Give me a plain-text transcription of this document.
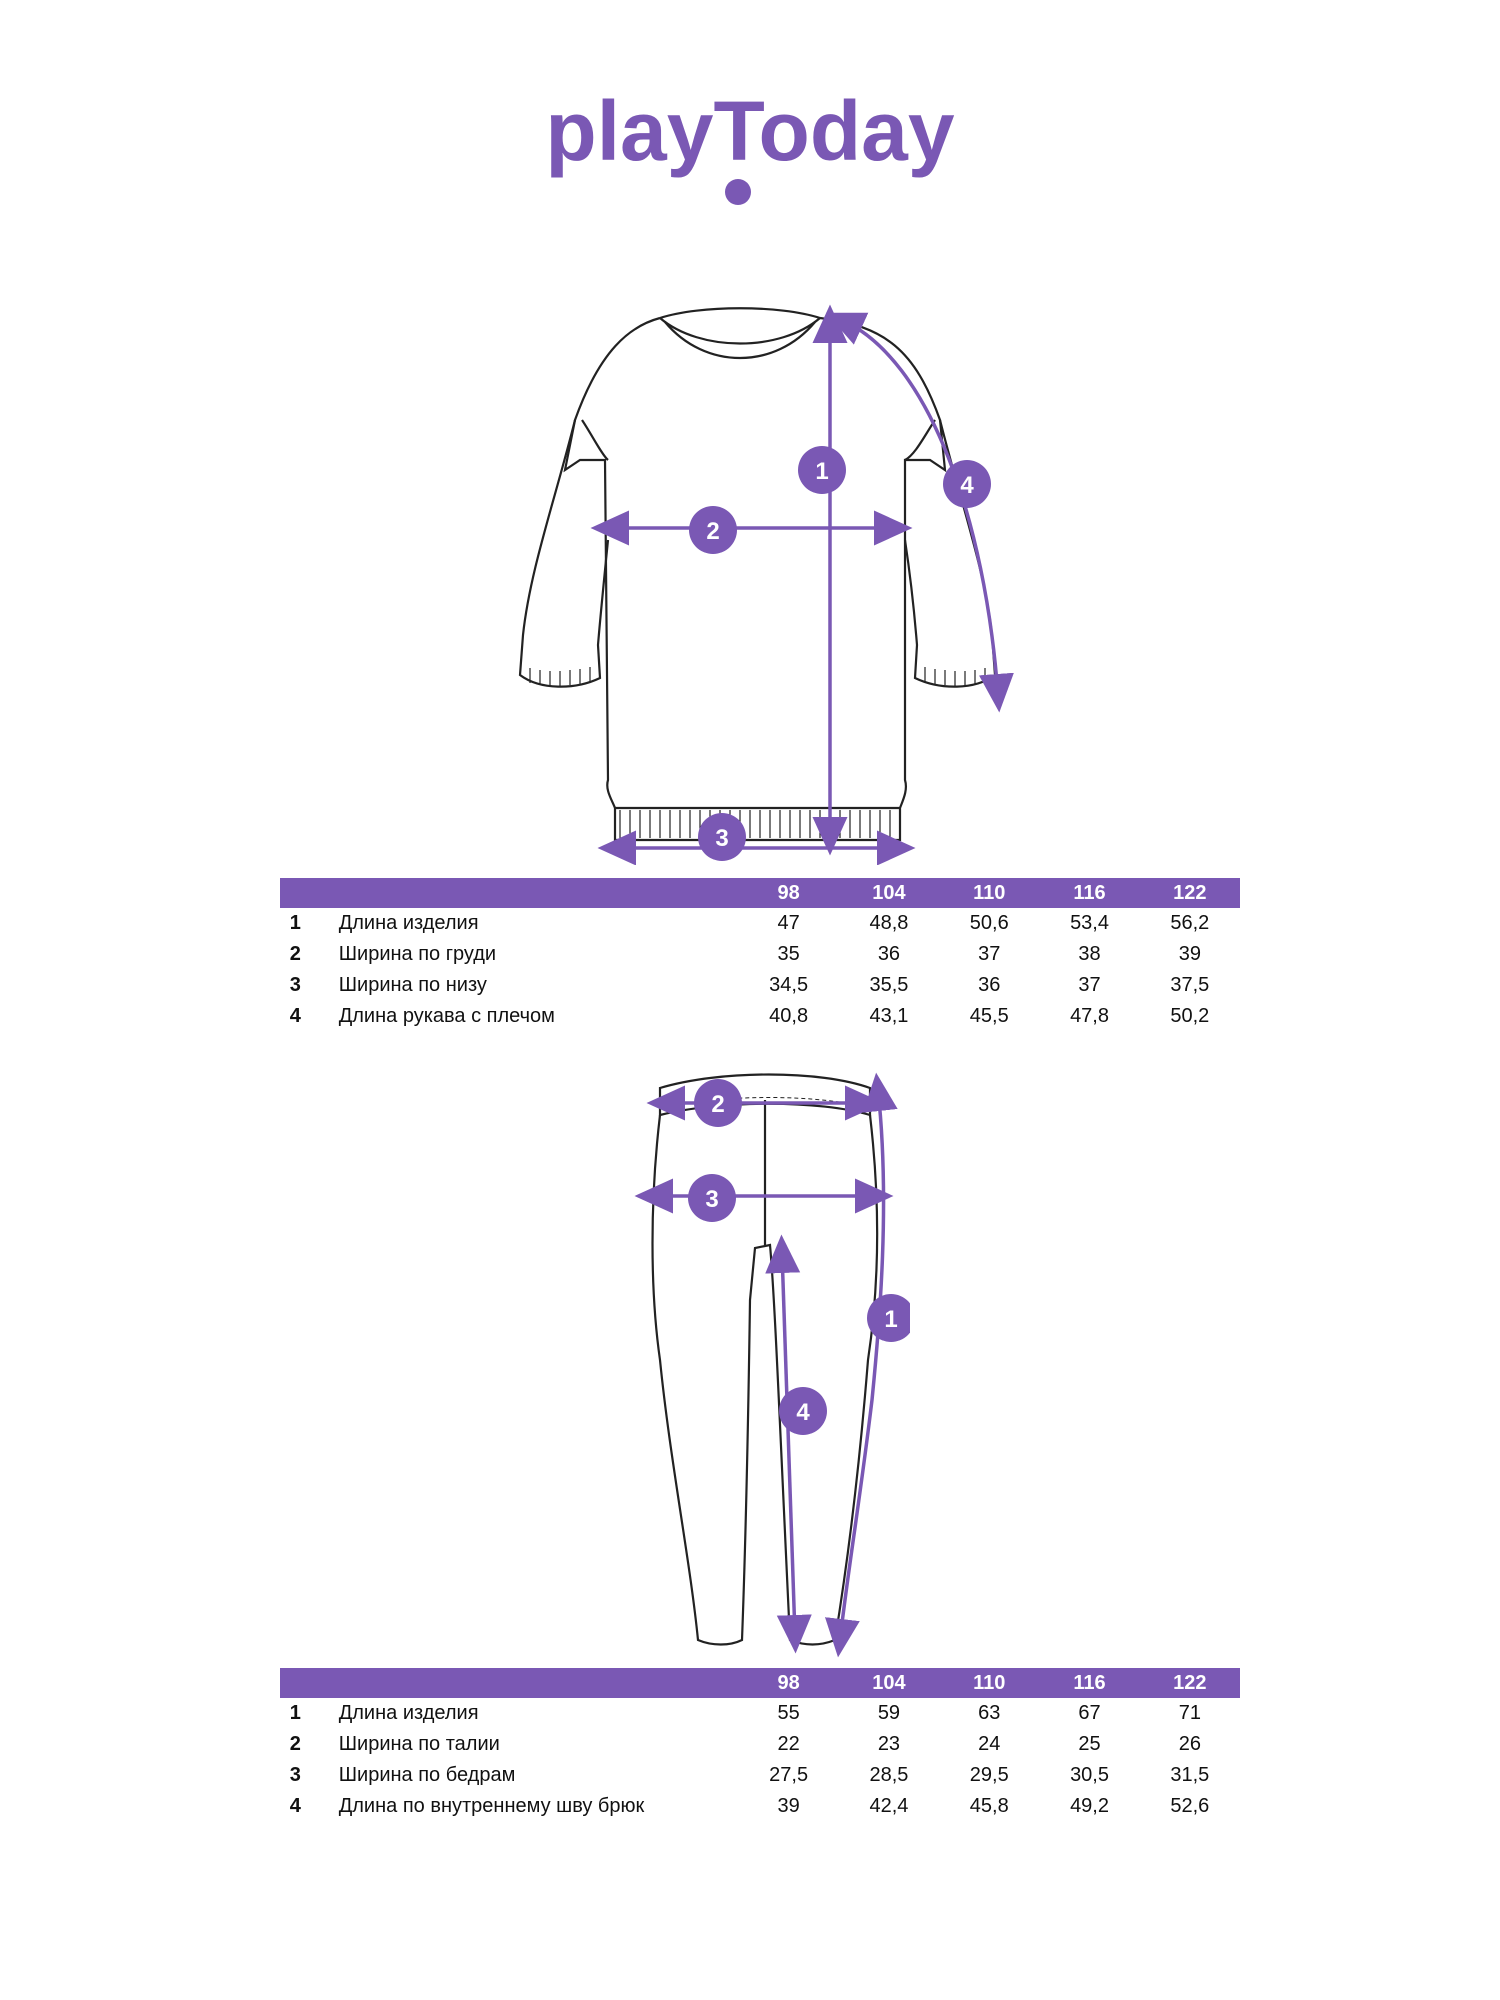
playToday
1
2
3
4
		98	104	110	116	122
1	Длина изделия	47	48,8	50,6	53,4	56,2
2	Ширина по груди	35	36	37	38	39
3	Ширина по низу	34,5	35,5	36	37	37,5
4	Длина рукава с плечом	40,8	43,1	45,5	47,8	50,2
1
2
3
4
		98	104	110	116	122
1	Длина изделия	55	59	63	67	71
2	Ширина по талии	22	23	24	25	26
3	Ширина по бедрам	27,5	28,5	29,5	30,5	31,5
4	Длина по внутреннему шву брюк	39	42,4	45,8	49,2	52,6
